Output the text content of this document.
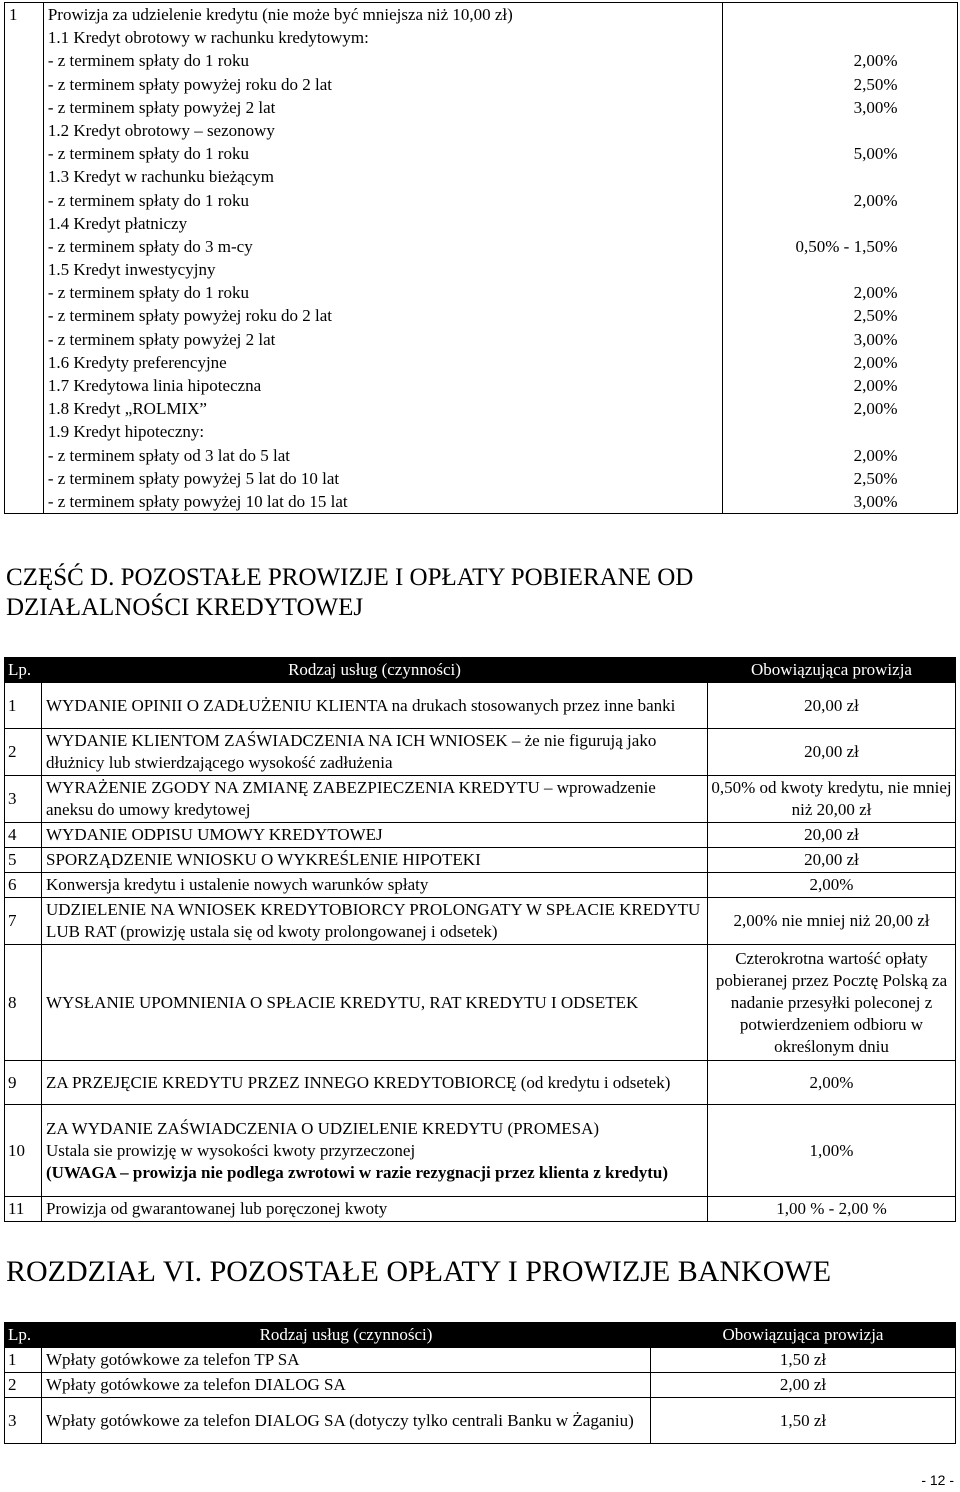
1	Prowizja za udzielenie kredytu (nie może być mniejsza niż 10,00 zł)
1.1 Kredyt obrotowy w rachunku kredytowym:
- z terminem spłaty do 1 roku	2,00%
- z terminem spłaty powyżej roku do 2 lat	2,50%
- z terminem spłaty powyżej 2 lat	3,00%
1.2 Kredyt obrotowy – sezonowy
- z terminem spłaty do 1 roku	5,00%
1.3 Kredyt w rachunku bieżącym
- z terminem spłaty do 1 roku	2,00%
1.4 Kredyt płatniczy
- z terminem spłaty do 3 m-cy	0,50% - 1,50%
1.5 Kredyt inwestycyjny
- z terminem spłaty do 1 roku	2,00%
- z terminem spłaty powyżej roku do 2 lat	2,50%
- z terminem spłaty powyżej 2 lat	3,00%
1.6 Kredyty preferencyjne	2,00%
1.7 Kredytowa linia hipoteczna	2,00%
1.8 Kredyt „ROLMIX”	2,00%
1.9 Kredyt hipoteczny:
- z terminem spłaty od 3 lat do 5 lat	2,00%
- z terminem spłaty powyżej 5 lat do 10 lat	2,50%
- z terminem spłaty powyżej 10 lat do 15 lat	3,00%

CZĘŚĆ D. POZOSTAŁE PROWIZJE I OPŁATY POBIERANE OD
DZIAŁALNOŚCI KREDYTOWEJ
Lp.	Rodzaj usług (czynności)	Obowiązująca prowizja
1	WYDANIE OPINII O ZADŁUŻENIU KLIENTA na drukach stosowanych przez inne banki	20,00 zł
2	WYDANIE KLIENTOM ZAŚWIADCZENIA NA ICH WNIOSEK – że nie figurują jako dłużnicy lub stwierdzającego wysokość zadłużenia	20,00 zł
3	WYRAŻENIE ZGODY NA ZMIANĘ ZABEZPIECZENIA KREDYTU – wprowadzenie aneksu do umowy kredytowej	0,50% od kwoty kredytu, nie mniej niż 20,00 zł
4	WYDANIE ODPISU UMOWY KREDYTOWEJ	20,00 zł
5	SPORZĄDZENIE WNIOSKU O WYKREŚLENIE HIPOTEKI	20,00 zł
6	Konwersja kredytu i ustalenie nowych warunków spłaty	2,00%
7	UDZIELENIE NA WNIOSEK KREDYTOBIORCY PROLONGATY W SPŁACIE KREDYTU LUB RAT (prowizję ustala się od kwoty prolongowanej i odsetek)	2,00% nie mniej niż 20,00 zł
8	WYSŁANIE UPOMNIENIA O SPŁACIE KREDYTU, RAT KREDYTU I ODSETEK	Czterokrotna wartość opłaty pobieranej przez Pocztę Polską za nadanie przesyłki poleconej z potwierdzeniem odbioru w określonym dniu
9	ZA PRZEJĘCIE KREDYTU PRZEZ INNEGO KREDYTOBIORCĘ (od kredytu i odsetek)	2,00%
10	ZA WYDANIE ZAŚWIADCZENIA O UDZIELENIE KREDYTU (PROMESA)
Ustala sie prowizję w wysokości kwoty przyrzeczonej
(UWAGA – prowizja nie podlega zwrotowi w razie rezygnacji przez klienta z kredytu)	1,00%
11	Prowizja od gwarantowanej lub poręczonej kwoty	1,00 % - 2,00 %
ROZDZIAŁ VI. POZOSTAŁE OPŁATY I PROWIZJE BANKOWE
Lp.	Rodzaj usług (czynności)	Obowiązująca prowizja
1	Wpłaty gotówkowe za telefon TP SA	1,50 zł
2	Wpłaty gotówkowe za telefon DIALOG SA	2,00 zł
3	Wpłaty gotówkowe za telefon DIALOG SA (dotyczy tylko centrali Banku w Żaganiu)	1,50 zł
- 12 -
